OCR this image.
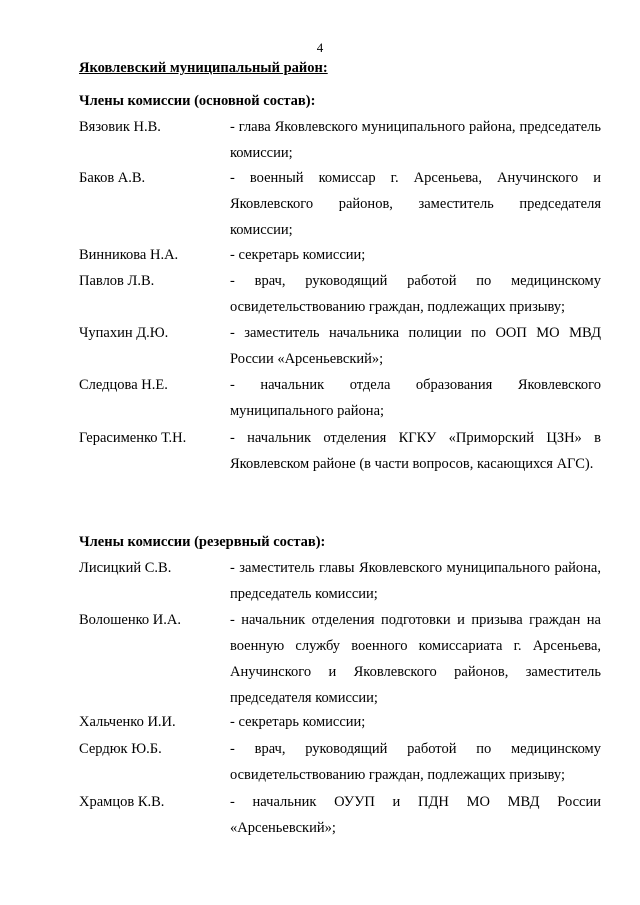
4
Яковлевский муниципальный район:
Члены комиссии (основной состав):
Вязовик Н.В.	- глава Яковлевского муниципального района, председатель комиссии;
Баков А.В.	- военный комиссар г. Арсеньева, Анучинского и Яковлевского районов, заместитель председателя комиссии;
Винникова Н.А.	- секретарь комиссии;
Павлов Л.В.	- врач, руководящий работой по медицинскому освидетельствованию граждан, подлежащих призыву;
Чупахин Д.Ю.	- заместитель начальника полиции по ООП МО МВД России «Арсеньевский»;
Следцова Н.Е.	- начальник отдела образования Яковлевского муниципального района;
Герасименко Т.Н.	- начальник отделения КГКУ «Приморский ЦЗН» в Яковлевском районе (в части вопросов, касающихся АГС).
Члены комиссии (резервный состав):
Лисицкий С.В.	- заместитель главы Яковлевского муниципального района, председатель комиссии;
Волошенко И.А.	- начальник отделения подготовки и призыва граждан на военную службу военного комиссариата г. Арсеньева, Анучинского и Яковлевского районов, заместитель председателя комиссии;
Хальченко И.И.	- секретарь комиссии;
Сердюк Ю.Б.	- врач, руководящий работой по медицинскому освидетельствованию граждан, подлежащих призыву;
Храмцов К.В.	- начальник ОУУП и ПДН МО МВД России «Арсеньевский»;
